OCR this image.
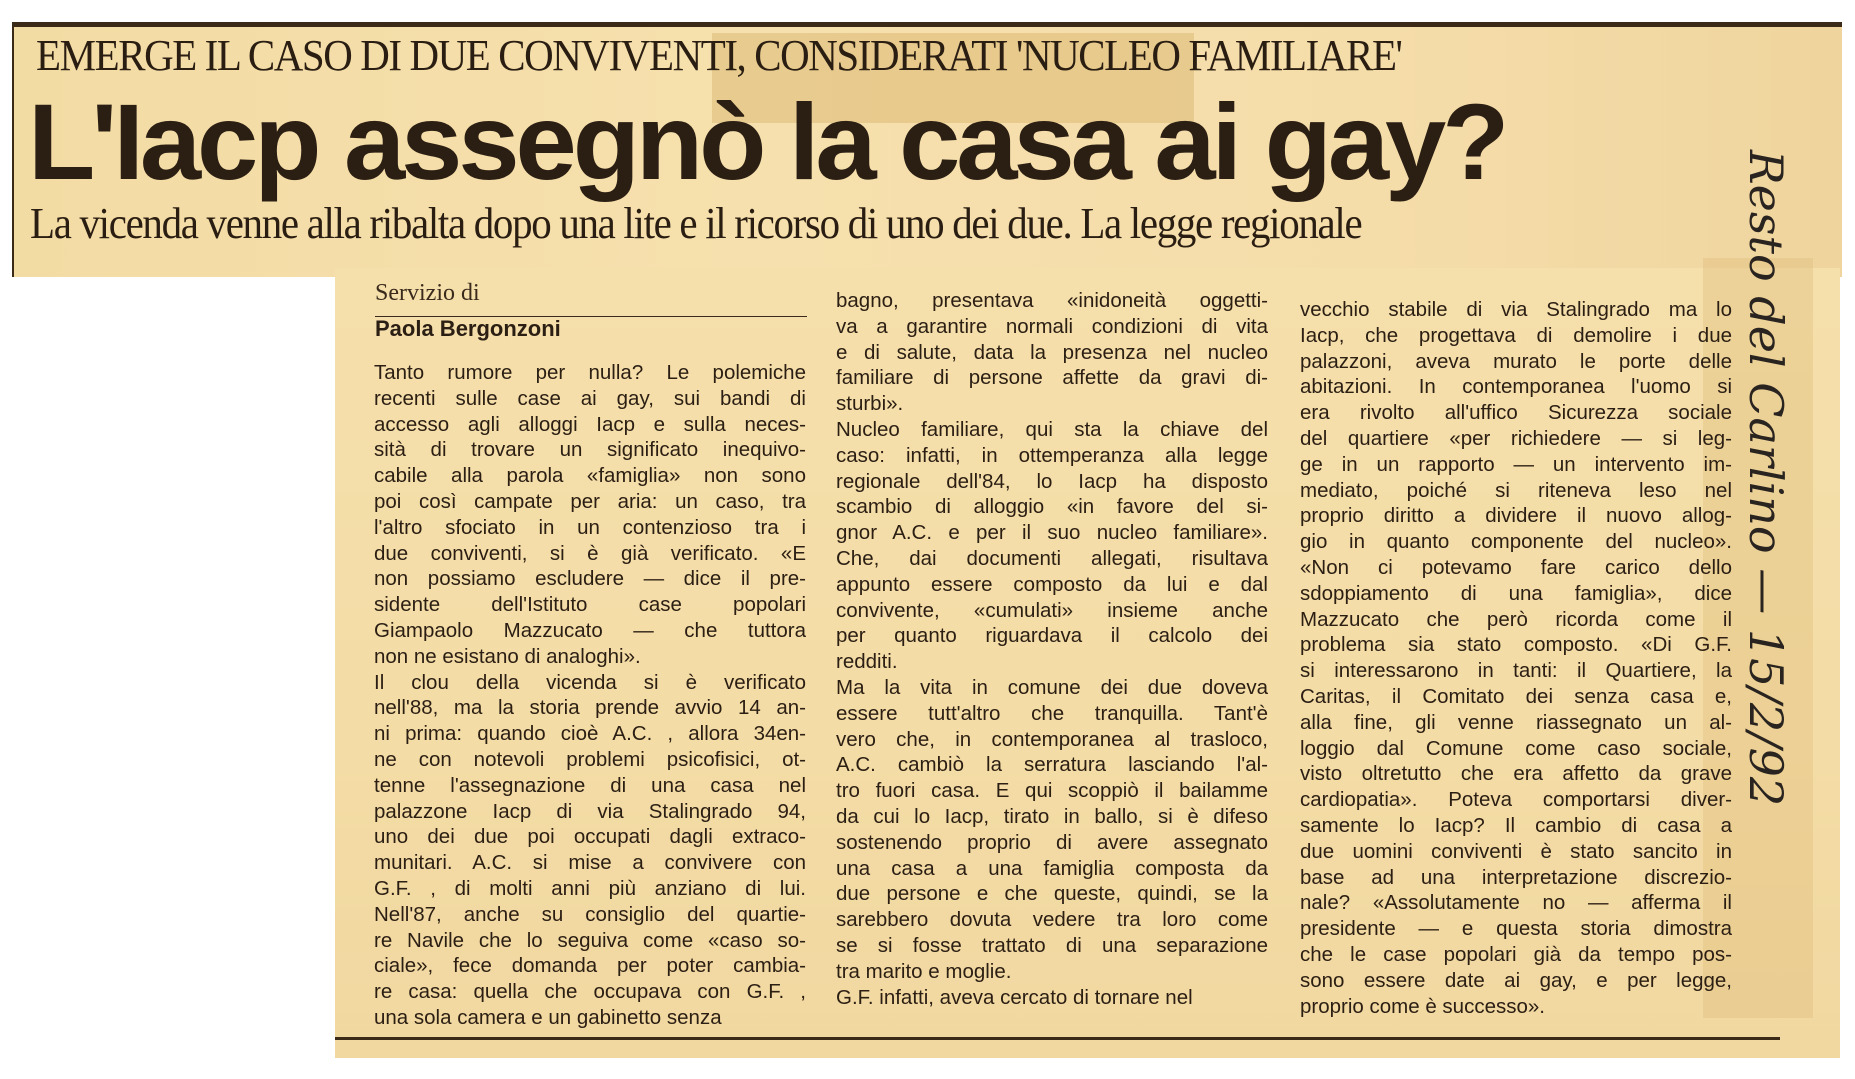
EMERGE IL CASO DI DUE CONVIVENTI, CONSIDERATI 'NUCLEO FAMILIARE'
L'Iacp assegnò la casa ai gay?
La vicenda venne alla ribalta dopo una lite e il ricorso di uno dei due. La legge regionale
Servizio di
Paola Bergonzoni
Tanto rumore per nulla? Le polemiche
recenti sulle case ai gay, sui bandi di
accesso agli alloggi Iacp e sulla neces-
sità di trovare un significato inequivo-
cabile alla parola «famiglia» non sono
poi così campate per aria: un caso, tra
l'altro sfociato in un contenzioso tra i
due conviventi, si è già verificato. «E
non possiamo escludere — dice il pre-
sidente dell'Istituto case popolari
Giampaolo Mazzucato — che tuttora
non ne esistano di analoghi».
Il clou della vicenda si è verificato
nell'88, ma la storia prende avvio 14 an-
ni prima: quando cioè A.C. , allora 34en-
ne con notevoli problemi psicofisici, ot-
tenne l'assegnazione di una casa nel
palazzone Iacp di via Stalingrado 94,
uno dei due poi occupati dagli extraco-
munitari. A.C. si mise a convivere con
G.F. , di molti anni più anziano di lui.
Nell'87, anche su consiglio del quartie-
re Navile che lo seguiva come «caso so-
ciale», fece domanda per poter cambia-
re casa: quella che occupava con G.F. ,
una sola camera e un gabinetto senza
bagno, presentava «inidoneità oggetti-
va a garantire normali condizioni di vita
e di salute, data la presenza nel nucleo
familiare di persone affette da gravi di-
sturbi».
Nucleo familiare, qui sta la chiave del
caso: infatti, in ottemperanza alla legge
regionale dell'84, lo Iacp ha disposto
scambio di alloggio «in favore del si-
gnor A.C. e per il suo nucleo familiare».
Che, dai documenti allegati, risultava
appunto essere composto da lui e dal
convivente, «cumulati» insieme anche
per quanto riguardava il calcolo dei
redditi.
Ma la vita in comune dei due doveva
essere tutt'altro che tranquilla. Tant'è
vero che, in contemporanea al trasloco,
A.C. cambiò la serratura lasciando l'al-
tro fuori casa. E qui scoppiò il bailamme
da cui lo Iacp, tirato in ballo, si è difeso
sostenendo proprio di avere assegnato
una casa a una famiglia composta da
due persone e che queste, quindi, se la
sarebbero dovuta vedere tra loro come
se si fosse trattato di una separazione
tra marito e moglie.
G.F. infatti, aveva cercato di tornare nel
vecchio stabile di via Stalingrado ma lo
Iacp, che progettava di demolire i due
palazzoni, aveva murato le porte delle
abitazioni. In contemporanea l'uomo si
era rivolto all'uffico Sicurezza sociale
del quartiere «per richiedere — si leg-
ge in un rapporto — un intervento im-
mediato, poiché si riteneva leso nel
proprio diritto a dividere il nuovo allog-
gio in quanto componente del nucleo».
«Non ci potevamo fare carico dello
sdoppiamento di una famiglia», dice
Mazzucato che però ricorda come il
problema sia stato composto. «Di G.F.
si interessarono in tanti: il Quartiere, la
Caritas, il Comitato dei senza casa e,
alla fine, gli venne riassegnato un al-
loggio dal Comune come caso sociale,
visto oltretutto che era affetto da grave
cardiopatia». Poteva comportarsi diver-
samente lo Iacp? Il cambio di casa a
due uomini conviventi è stato sancito in
base ad una interpretazione discrezio-
nale? «Assolutamente no — afferma il
presidente — e questa storia dimostra
che le case popolari già da tempo pos-
sono essere date ai gay, e per legge,
proprio come è successo».
Resto del Carlino — 15/2/92
